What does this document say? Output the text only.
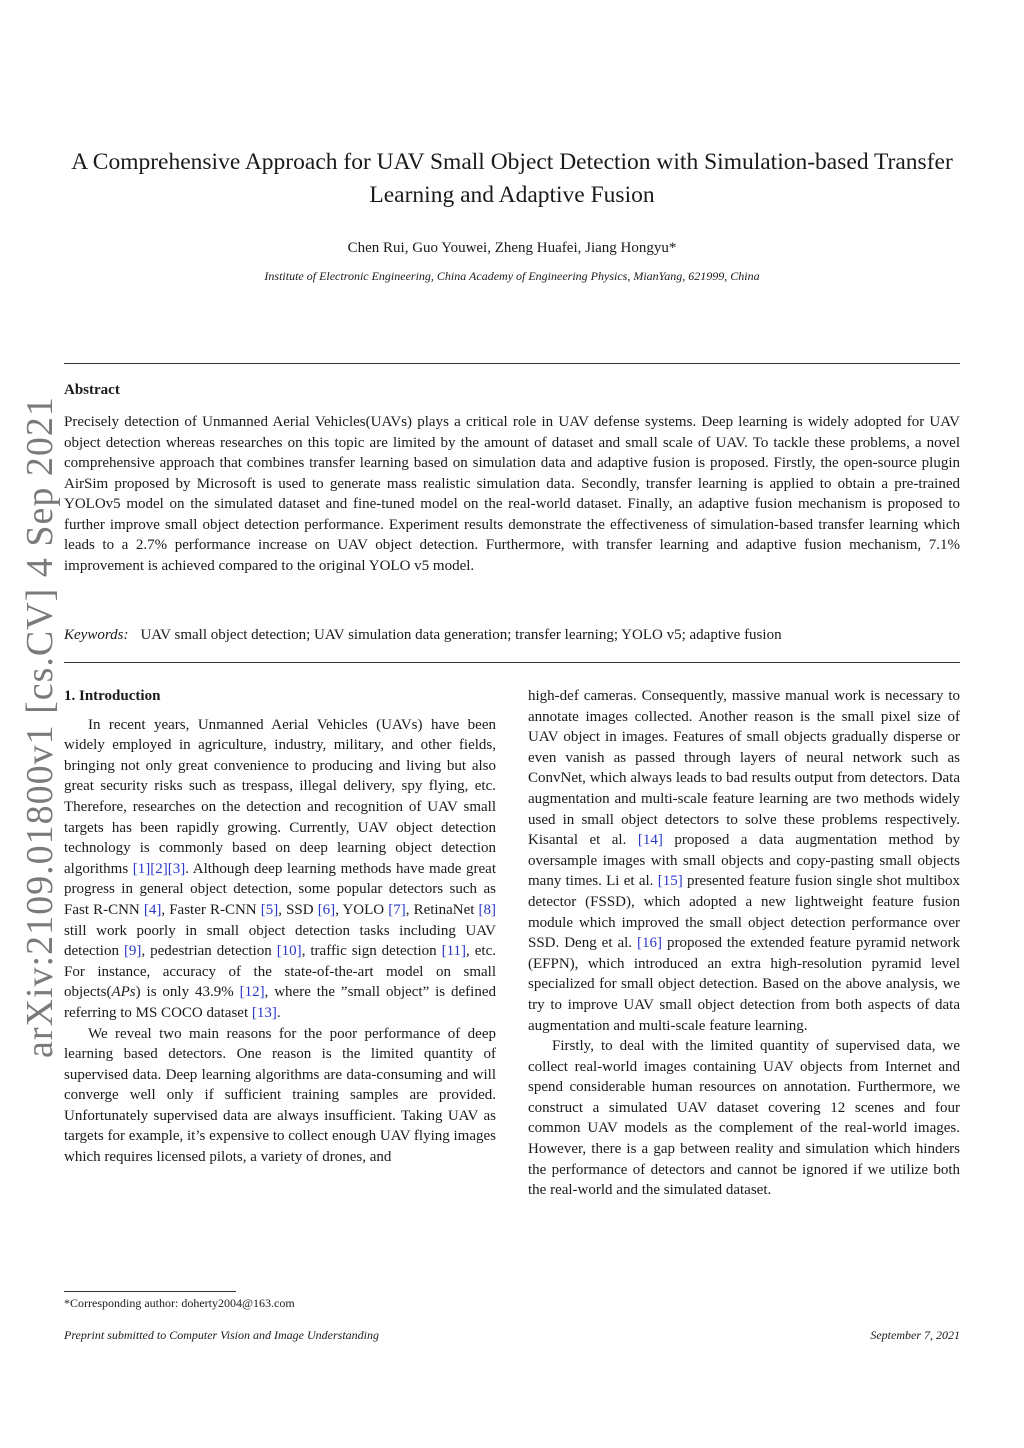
arXiv:2109.01800v1 [cs.CV] 4 Sep 2021
A Comprehensive Approach for UAV Small Object Detection with Simulation-based Transfer Learning and Adaptive Fusion
Chen Rui, Guo Youwei, Zheng Huafei, Jiang Hongyu*
Institute of Electronic Engineering, China Academy of Engineering Physics, MianYang, 621999, China
Abstract
Precisely detection of Unmanned Aerial Vehicles(UAVs) plays a critical role in UAV defense systems. Deep learning is widely adopted for UAV object detection whereas researches on this topic are limited by the amount of dataset and small scale of UAV. To tackle these problems, a novel comprehensive approach that combines transfer learning based on simulation data and adaptive fusion is proposed. Firstly, the open-source plugin AirSim proposed by Microsoft is used to generate mass realistic simulation data. Secondly, transfer learning is applied to obtain a pre-trained YOLOv5 model on the simulated dataset and fine-tuned model on the real-world dataset. Finally, an adaptive fusion mechanism is proposed to further improve small object detection performance. Experiment results demonstrate the effectiveness of simulation-based transfer learning which leads to a 2.7% performance increase on UAV object detection. Furthermore, with transfer learning and adaptive fusion mechanism, 7.1% improvement is achieved compared to the original YOLO v5 model.
Keywords: UAV small object detection; UAV simulation data generation; transfer learning; YOLO v5; adaptive fusion
1. Introduction

In recent years, Unmanned Aerial Vehicles (UAVs) have been widely employed in agriculture, industry, military, and other fields, bringing not only great convenience to producing and living but also great security risks such as trespass, illegal delivery, spy flying, etc. Therefore, researches on the detection and recognition of UAV small targets has been rapidly growing. Currently, UAV object detection technology is commonly based on deep learning object detection algorithms [1][2][3]. Although deep learning methods have made great progress in general object detection, some popular detectors such as Fast R-CNN [4], Faster R-CNN [5], SSD [6], YOLO [7], RetinaNet [8] still work poorly in small object detection tasks including UAV detection [9], pedestrian detection [10], traffic sign detection [11], etc. For instance, accuracy of the state-of-the-art model on small objects(APs) is only 43.9% [12], where the ”small object” is defined referring to MS COCO dataset [13].

We reveal two main reasons for the poor performance of deep learning based detectors. One reason is the limited quantity of supervised data. Deep learning algorithms are data-consuming and will converge well only if sufficient training samples are provided. Unfortunately supervised data are always insufficient. Taking UAV as targets for example, it’s expensive to collect enough UAV flying images which requires licensed pilots, a variety of drones, and

high-def cameras. Consequently, massive manual work is necessary to annotate images collected. Another reason is the small pixel size of UAV object in images. Features of small objects gradually disperse or even vanish as passed through layers of neural network such as ConvNet, which always leads to bad results output from detectors. Data augmentation and multi-scale feature learning are two methods widely used in small object detectors to solve these problems respectively. Kisantal et al. [14] proposed a data augmentation method by oversample images with small objects and copy-pasting small objects many times. Li et al. [15] presented feature fusion single shot multibox detector (FSSD), which adopted a new lightweight feature fusion module which improved the small object detection performance over SSD. Deng et al. [16] proposed the extended feature pyramid network (EFPN), which introduced an extra high-resolution pyramid level specialized for small object detection. Based on the above analysis, we try to improve UAV small object detection from both aspects of data augmentation and multi-scale feature learning.

Firstly, to deal with the limited quantity of supervised data, we collect real-world images containing UAV objects from Internet and spend considerable human resources on annotation. Furthermore, we construct a simulated UAV dataset covering 12 scenes and four common UAV models as the complement of the real-world images. However, there is a gap between reality and simulation which hinders the performance of detectors and cannot be ignored if we utilize both the real-world and the simulated dataset.

*Corresponding author: doherty2004@163.com
Preprint submitted to Computer Vision and Image Understanding	September 7, 2021
